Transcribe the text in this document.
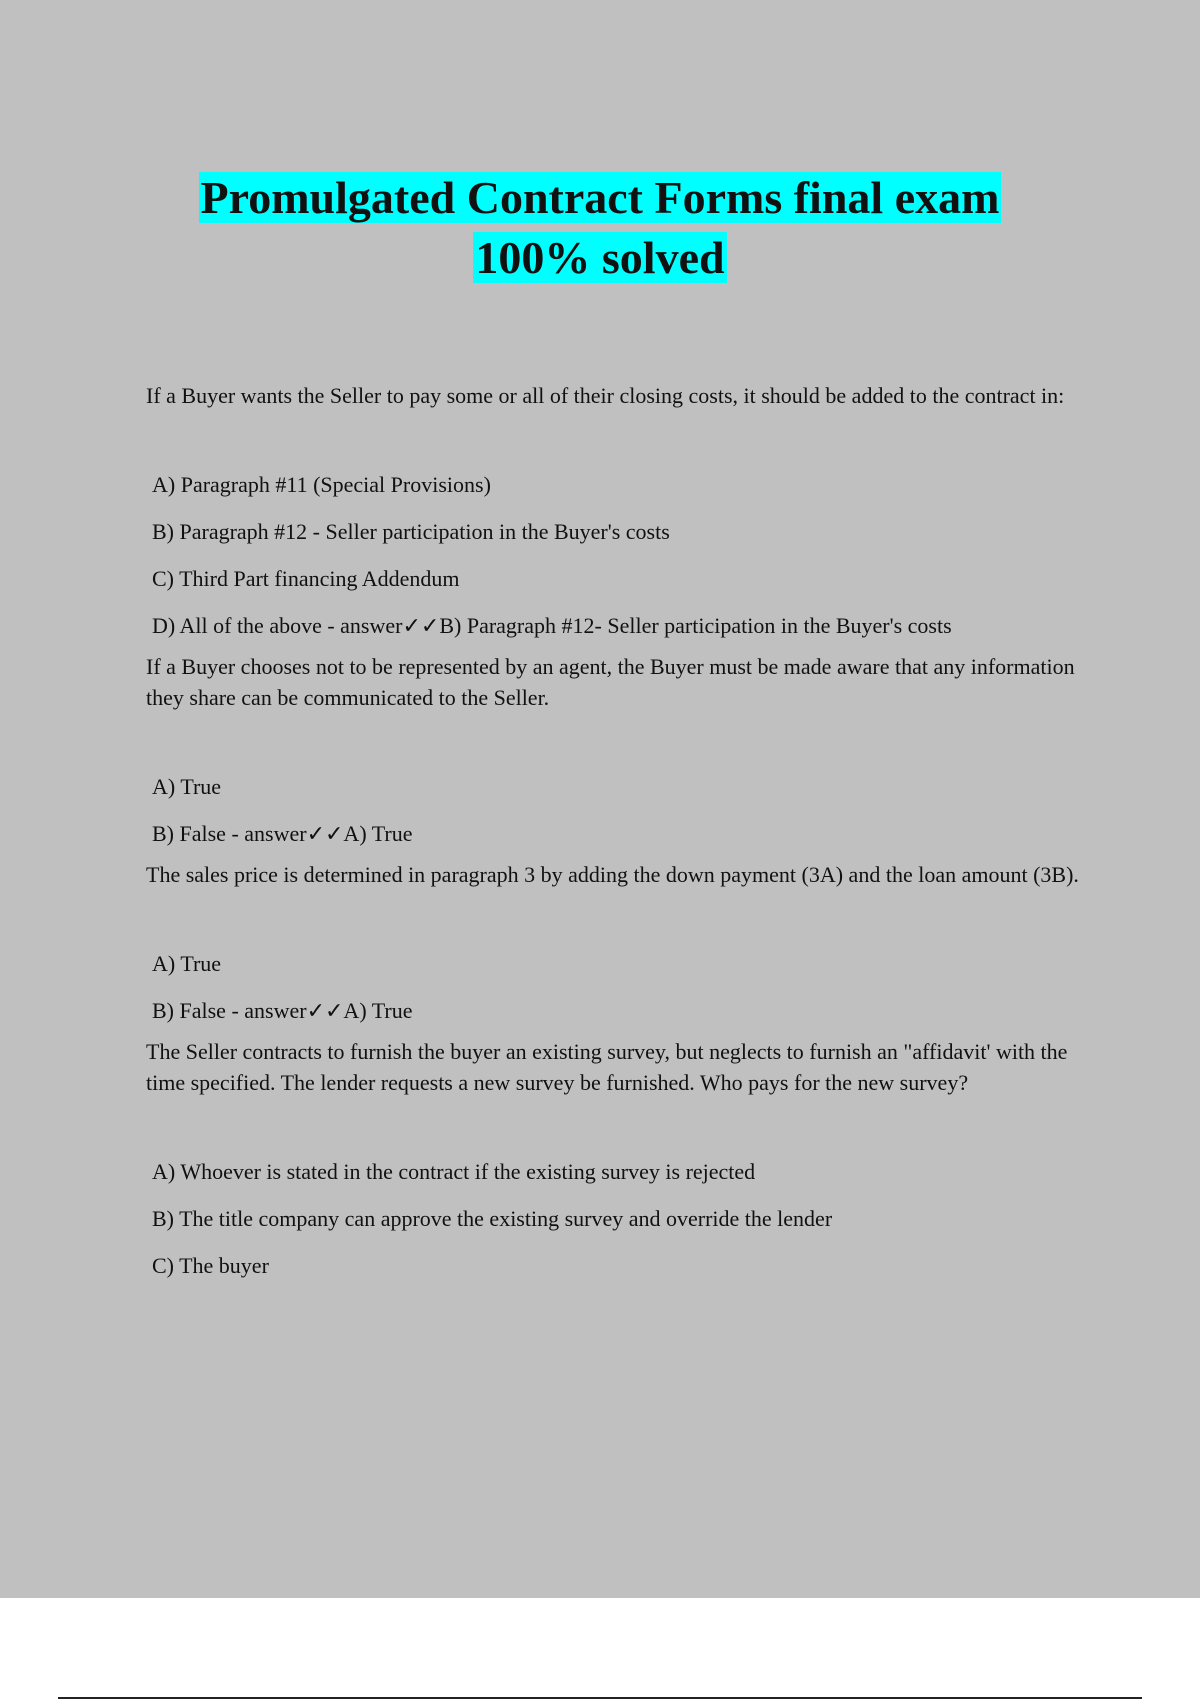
Promulgated Contract Forms final exam
100% solved

If a Buyer wants the Seller to pay some or all of their closing costs, it should be added to the contract in:

A) Paragraph #11 (Special Provisions)
B) Paragraph #12 - Seller participation in the Buyer's costs
C) Third Part financing Addendum
D) All of the above - answer✓✓B) Paragraph #12- Seller participation in the Buyer's costs

If a Buyer chooses not to be represented by an agent, the Buyer must be made aware that any information they share can be communicated to the Seller.

A) True
B) False - answer✓✓A) True

The sales price is determined in paragraph 3 by adding the down payment (3A) and the loan amount (3B).

A) True
B) False - answer✓✓A) True

The Seller contracts to furnish the buyer an existing survey, but neglects to furnish an "affidavit' with the time specified. The lender requests a new survey be furnished. Who pays for the new survey?

A) Whoever is stated in the contract if the existing survey is rejected
B) The title company can approve the existing survey and override the lender
C) The buyer
